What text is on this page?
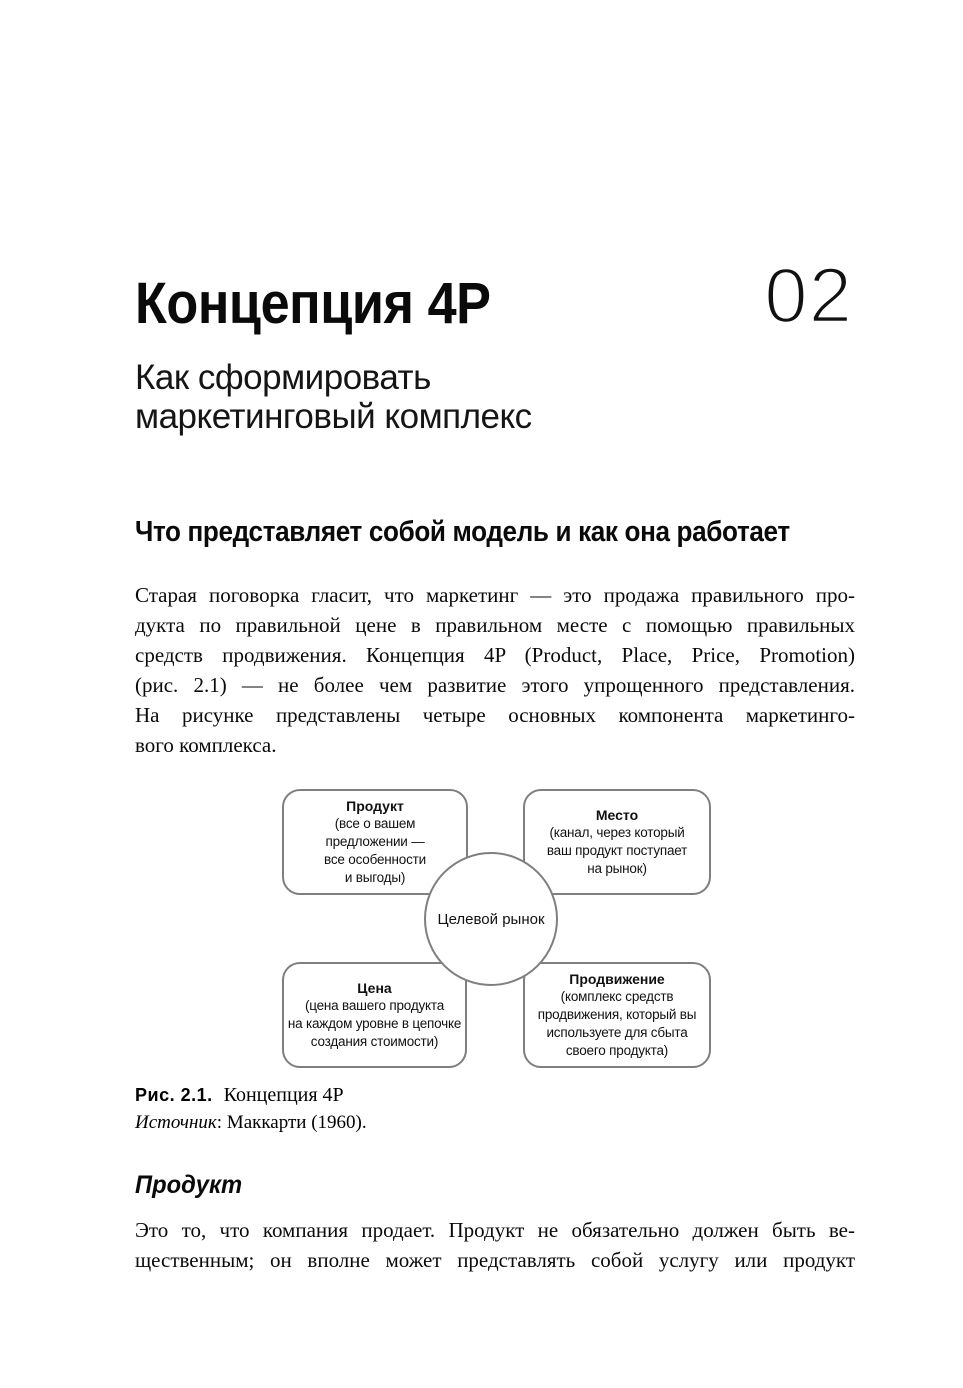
Концепция 4P	02
Как сформировать
маркетинговый комплекс
Что представляет собой модель и как она работает
Старая поговорка гласит, что маркетинг — это продажа правильного про-
дукта по правильной цене в правильном месте с помощью правильных
средств продвижения. Концепция 4P (Product, Place, Price, Promotion)
(рис. 2.1) — не более чем развитие этого упрощенного представления.
На рисунке представлены четыре основных компонента маркетинго-
вого комплекса.
Продукт
(все о вашем
предложении —
все особенности
и выгоды)
Место
(канал, через который
ваш продукт поступает
на рынок)
Цена
(цена вашего продукта
на каждом уровне в цепочке
создания стоимости)
Продвижение
(комплекс средств
продвижения, который вы
используете для сбыта
своего продукта)
Целевой рынок
Рис. 2.1. Концепция 4P
Источник: Маккарти (1960).
Продукт
Это то, что компания продает. Продукт не обязательно должен быть ве-
щественным; он вполне может представлять собой услугу или продукт
